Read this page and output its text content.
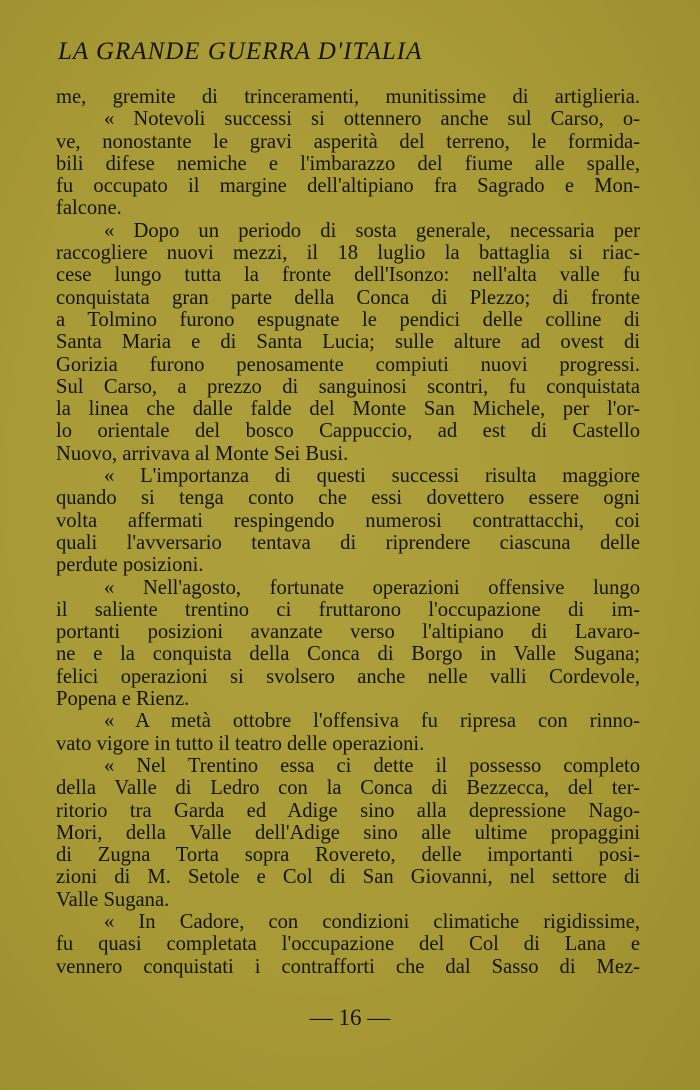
LA GRANDE GUERRA D'ITALIA
me, gremite di trinceramenti, munitissime di artiglieria.
« Notevoli successi si ottennero anche sul Carso, o-
ve, nonostante le gravi asperità del terreno, le formida-
bili difese nemiche e l'imbarazzo del fiume alle spalle,
fu occupato il margine dell'altipiano fra Sagrado e Mon-
falcone.
« Dopo un periodo di sosta generale, necessaria per
raccogliere nuovi mezzi, il 18 luglio la battaglia si riac-
cese lungo tutta la fronte dell'Isonzo: nell'alta valle fu
conquistata gran parte della Conca di Plezzo; di fronte
a Tolmino furono espugnate le pendici delle colline di
Santa Maria e di Santa Lucia; sulle alture ad ovest di
Gorizia furono penosamente compiuti nuovi progressi.
Sul Carso, a prezzo di sanguinosi scontri, fu conquistata
la linea che dalle falde del Monte San Michele, per l'or-
lo orientale del bosco Cappuccio, ad est di Castello
Nuovo, arrivava al Monte Sei Busi.
« L'importanza di questi successi risulta maggiore
quando si tenga conto che essi dovettero essere ogni
volta affermati respingendo numerosi contrattacchi, coi
quali l'avversario tentava di riprendere ciascuna delle
perdute posizioni.
« Nell'agosto, fortunate operazioni offensive lungo
il saliente trentino ci fruttarono l'occupazione di im-
portanti posizioni avanzate verso l'altipiano di Lavaro-
ne e la conquista della Conca di Borgo in Valle Sugana;
felici operazioni si svolsero anche nelle valli Cordevole,
Popena e Rienz.
« A metà ottobre l'offensiva fu ripresa con rinno-
vato vigore in tutto il teatro delle operazioni.
« Nel Trentino essa ci dette il possesso completo
della Valle di Ledro con la Conca di Bezzecca, del ter-
ritorio tra Garda ed Adige sino alla depressione Nago-
Mori, della Valle dell'Adige sino alle ultime propaggini
di Zugna Torta sopra Rovereto, delle importanti posi-
zioni di M. Setole e Col di San Giovanni, nel settore di
Valle Sugana.
« In Cadore, con condizioni climatiche rigidissime,
fu quasi completata l'occupazione del Col di Lana e
vennero conquistati i contrafforti che dal Sasso di Mez-
— 16 —
